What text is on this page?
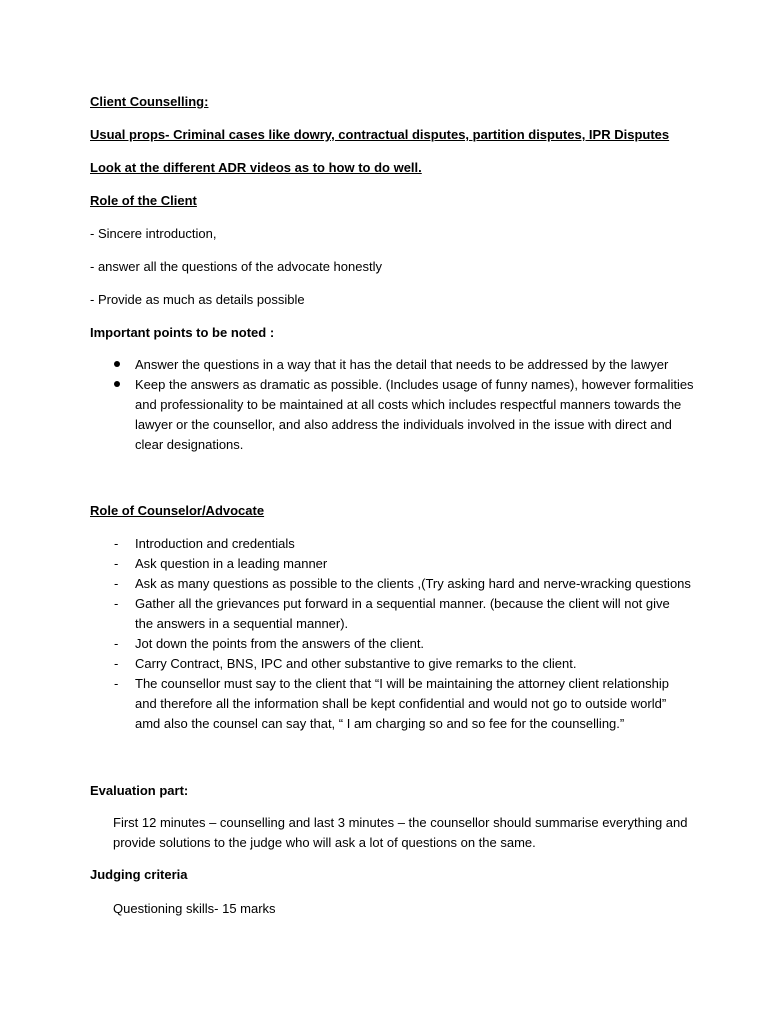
Client Counselling:
Usual props- Criminal cases like dowry, contractual disputes, partition disputes, IPR Disputes
Look at the different ADR videos as to how to do well.
Role of the Client
- Sincere introduction,
- answer all the questions of the advocate honestly
- Provide as much as details possible
Important points to be noted :
Answer the questions in a way that it has the detail that needs to be addressed by the lawyer
Keep the answers as dramatic as possible. (Includes usage of funny names), however formalities
and professionality to be maintained at all costs which includes respectful manners towards the
lawyer or the counsellor, and also address the individuals involved in the issue with direct and
clear designations.
Role of Counselor/Advocate
- Introduction and credentials
- Ask question in a leading manner
- Ask as many questions as possible to the clients ,(Try asking hard and nerve-wracking questions
- Gather all the grievances put forward in a sequential manner. (because the client will not give
the answers in a sequential manner).
- Jot down the points from the answers of the client.
- Carry Contract, BNS, IPC and other substantive to give remarks to the client.
- The counsellor must say to the client that “I will be maintaining the attorney client relationship
and therefore all the information shall be kept confidential and would not go to outside world”
amd also the counsel can say that, “ I am charging so and so fee for the counselling.”
Evaluation part:
First 12 minutes – counselling and last 3 minutes – the counsellor should summarise everything and
provide solutions to the judge who will ask a lot of questions on the same.
Judging criteria
Questioning skills- 15 marks
